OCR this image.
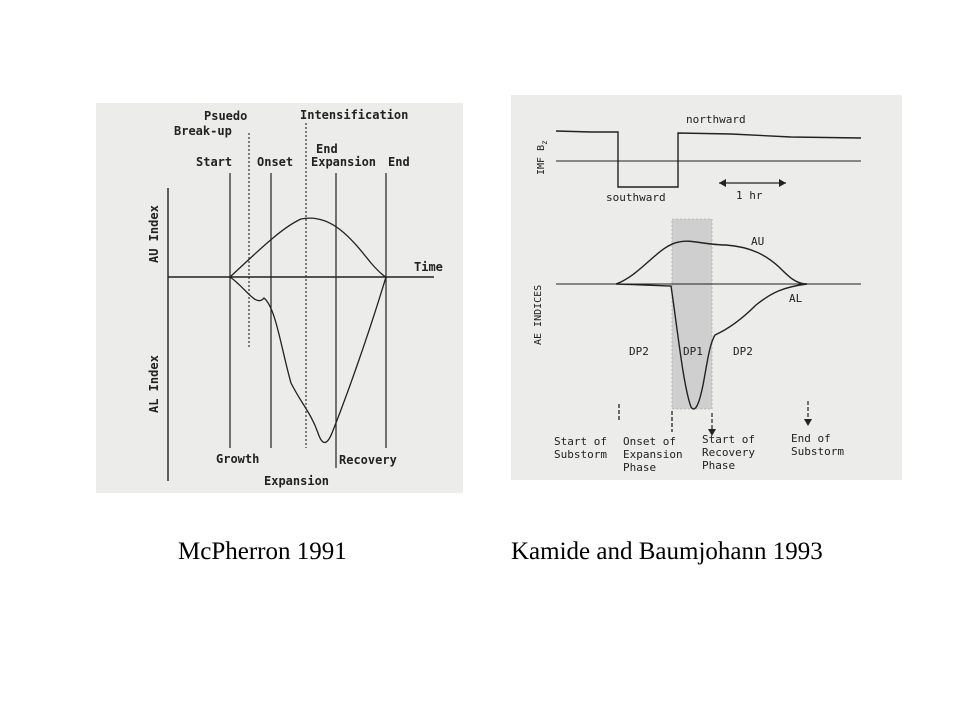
Psuedo
Break-up
Intensification
Start Onset
End
Expansion End
AU Index
AL Index
Time
Growth
Expansion
Recovery
IMF $B_z$
northward
southward	1 hr
AE INDICES
AU
AL
DP2	DP1	DP2
Start of
Substorm
Onset of
Expansion
Phase
Start of
Recovery
Phase
End of
Substorm
McPherron 1991	Kamide and Baumjohann 1993
